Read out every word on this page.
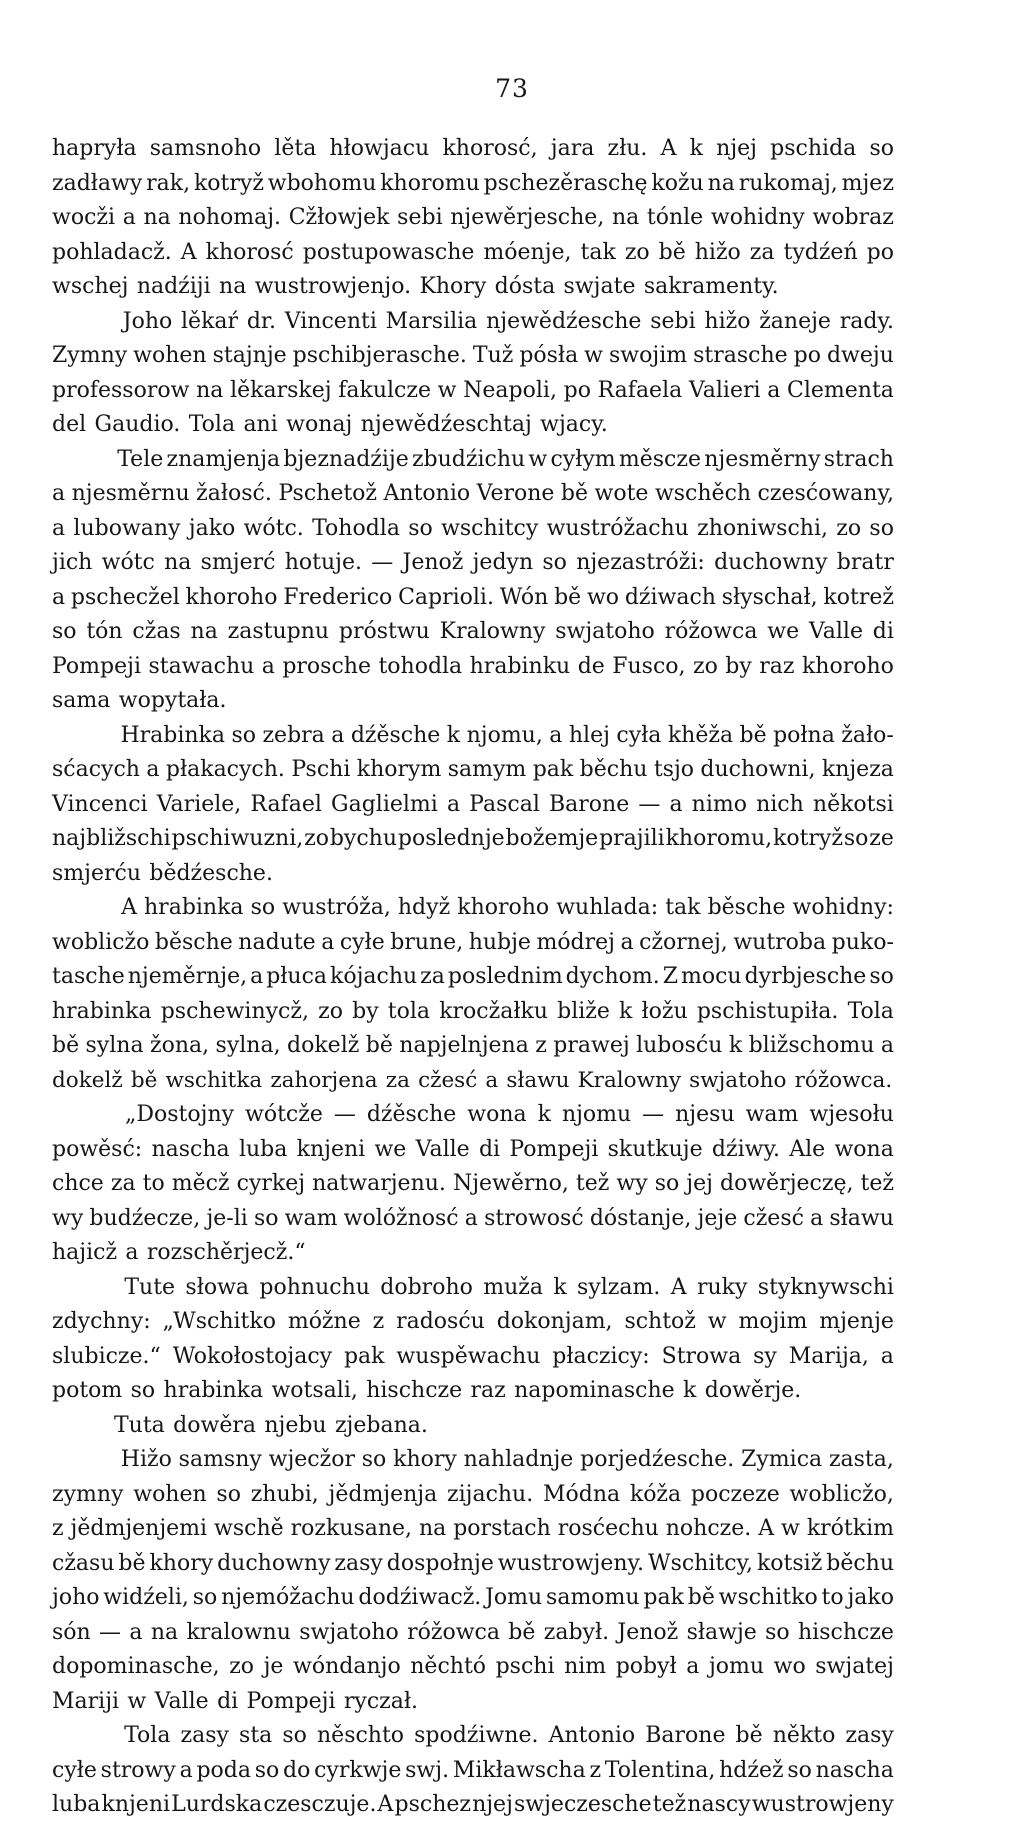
73
hapryła samsnoho lěta hłowjacu khorosć, jara złu. A k njej pschida so
zadławy rak, kotryž wbohomu khoromu pschezěraschę kožu na rukomaj, mjez
wocži a na nohomaj. Cžłowjek sebi njewěrjesche, na tónle wohidny wobraz
pohladacž. A khorosć postupowasche móenje, tak zo bě hižo za tydźeń po
wschej nadźiji na wustrowjenjo. Khory dósta swjate sakramenty.
Joho lěkaŕ dr. Vincenti Marsilia njewědźesche sebi hižo žaneje rady.
Zymny wohen stajnje pschibjerasche. Tuž pósła w swojim strasche po dweju
professorow na lěkarskej fakulcze w Neapoli, po Rafaela Valieri a Clementa
del Gaudio. Tola ani wonaj njewědźeschtaj wjacy.
Tele znamjenja bjeznadźije zbudźichu w cyłym měscze njesměrny strach
a njesměrnu žałosć. Pschetož Antonio Verone bě wote wschěch czesćowany,
a lubowany jako wótc. Tohodla so wschitcy wustróžachu zhoniwschi, zo so
jich wótc na smjerć hotuje. — Jenož jedyn so njezastróži: duchowny bratr
a pschecžel khoroho Frederico Caprioli. Wón bě wo dźiwach słyschał, kotrež
so tón cžas na zastupnu próstwu Kralowny swjatoho róžowca we Valle di
Pompeji stawachu a prosche tohodla hrabinku de Fusco, zo by raz khoroho
sama wopytała.
Hrabinka so zebra a dźěsche k njomu, a hlej cyła khěža bě połna žało-
sćacych a płakacych. Pschi khorym samym pak běchu tsjo duchowni, knjeza
Vincenci Variele, Rafael Gaglielmi a Pascal Barone — a nimo nich někotsi
najbližschi pschiwuzni, zo bychu poslednje božemje prajili khoromu, kotryž so ze
smjerću bědźesche.
A hrabinka so wustróža, hdyž khoroho wuhlada: tak běsche wohidny:
woblicžo běsche nadute a cyłe brune, hubje módrej a cžornej, wutroba puko-
tasche njeměrnje, a płuca kójachu za poslednim dychom. Z mocu dyrbjesche so
hrabinka pschewinycž, zo by tola krocžałku bliže k łožu pschistupiła. Tola
bě sylna žona, sylna, dokelž bě napjelnjena z prawej lubosću k bližschomu a
dokelž bě wschitka zahorjena za cžesć a sławu Kralowny swjatoho róžowca.
„Dostojny wótcže — dźěsche wona k njomu — njesu wam wjesołu
powěsć: nascha luba knjeni we Valle di Pompeji skutkuje dźiwy. Ale wona
chce za to měcž cyrkej natwarjenu. Njewěrno, tež wy so jej dowěrjeczę, tež
wy budźecze, je-li so wam wolóžnosć a strowosć dóstanje, jeje cžesć a sławu
hajicž a rozschěrjecž.“
Tute słowa pohnuchu dobroho muža k sylzam. A ruky styknywschi
zdychny: „Wschitko móžne z radosću dokonjam, schtož w mojim mjenje
slubicze.“ Wokołostojacy pak wuspěwachu płaczicy: Strowa sy Marija, a
potom so hrabinka wotsali, hischcze raz napominasche k dowěrje.
Tuta dowěra njebu zjebana.
Hižo samsny wjecžor so khory nahladnje porjedźesche. Zymica zasta,
zymny wohen so zhubi, jědmjenja zijachu. Módna kóža poczeze woblicžo,
z jědmjenjemi wschě rozkusane, na porstach rosćechu nohcze. A w krótkim
cžasu bě khory duchowny zasy dospołnje wustrowjeny. Wschitcy, kotsiž běchu
joho widźeli, so njemóžachu dodźiwacž. Jomu samomu pak bě wschitko to jako
són — a na kralownu swjatoho róžowca bě zabył. Jenož sławje so hischcze
dopominasche, zo je wóndanjo něchtó pschi nim pobył a jomu wo swjatej
Mariji w Valle di Pompeji ryczał.
Tola zasy sta so něschto spodźiwne. Antonio Barone bě někto zasy
cyłe strowy a poda so do cyrkwje swj. Mikławscha z Tolentina, hdźež so nascha
luba knjeni Lurdska czesczuje. A pschez njej swjeczesche tež nascy wustrowjeny
